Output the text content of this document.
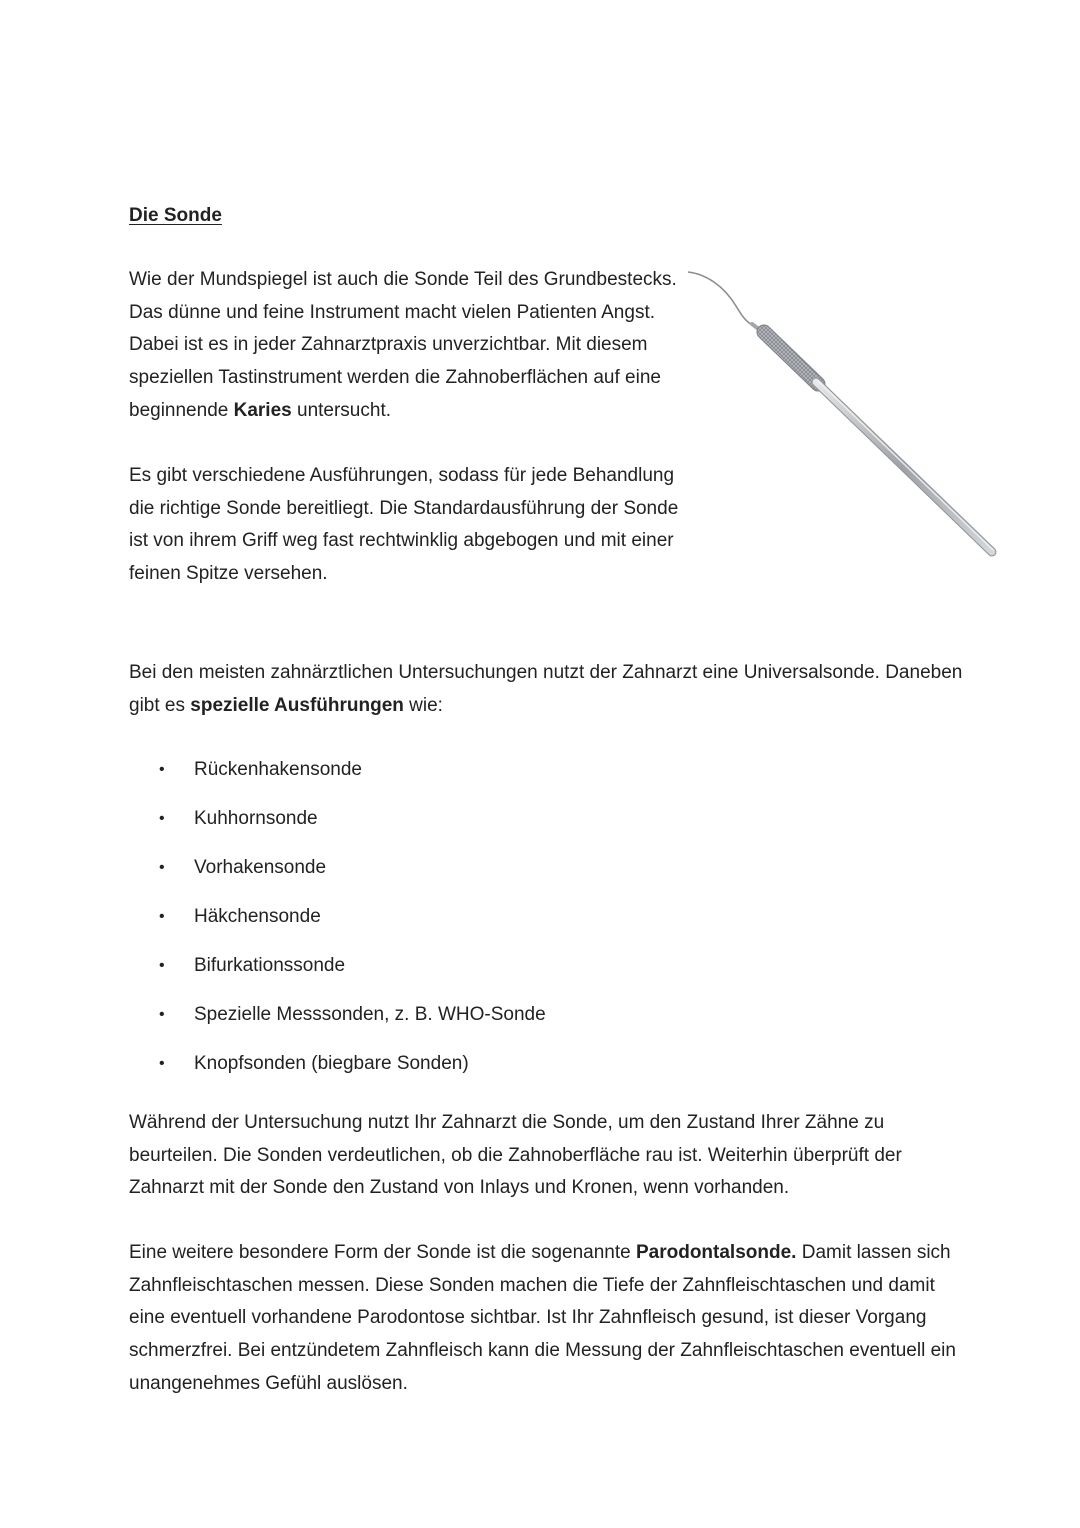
Die Sonde

Wie der Mundspiegel ist auch die Sonde Teil des Grundbestecks. Das dünne und feine Instrument macht vielen Patienten Angst. Dabei ist es in jeder Zahnarztpraxis unverzichtbar. Mit diesem speziellen Tastinstrument werden die Zahnoberflächen auf eine beginnende Karies untersucht.

Es gibt verschiedene Ausführungen, sodass für jede Behandlung die richtige Sonde bereitliegt. Die Standardausführung der Sonde ist von ihrem Griff weg fast rechtwinklig abgebogen und mit einer feinen Spitze versehen.

Bei den meisten zahnärztlichen Untersuchungen nutzt der Zahnarzt eine Universalsonde. Daneben gibt es spezielle Ausführungen wie:

• Rückenhakensonde
• Kuhhornsonde
• Vorhakensonde
• Häkchensonde
• Bifurkationssonde
• Spezielle Messsonden, z. B. WHO-Sonde
• Knopfsonden (biegbare Sonden)

Während der Untersuchung nutzt Ihr Zahnarzt die Sonde, um den Zustand Ihrer Zähne zu beurteilen. Die Sonden verdeutlichen, ob die Zahnoberfläche rau ist. Weiterhin überprüft der Zahnarzt mit der Sonde den Zustand von Inlays und Kronen, wenn vorhanden.

Eine weitere besondere Form der Sonde ist die sogenannte Parodontalsonde. Damit lassen sich Zahnfleischtaschen messen. Diese Sonden machen die Tiefe der Zahnfleischtaschen und damit eine eventuell vorhandene Parodontose sichtbar. Ist Ihr Zahnfleisch gesund, ist dieser Vorgang schmerzfrei. Bei entzündetem Zahnfleisch kann die Messung der Zahnfleischtaschen eventuell ein unangenehmes Gefühl auslösen.
